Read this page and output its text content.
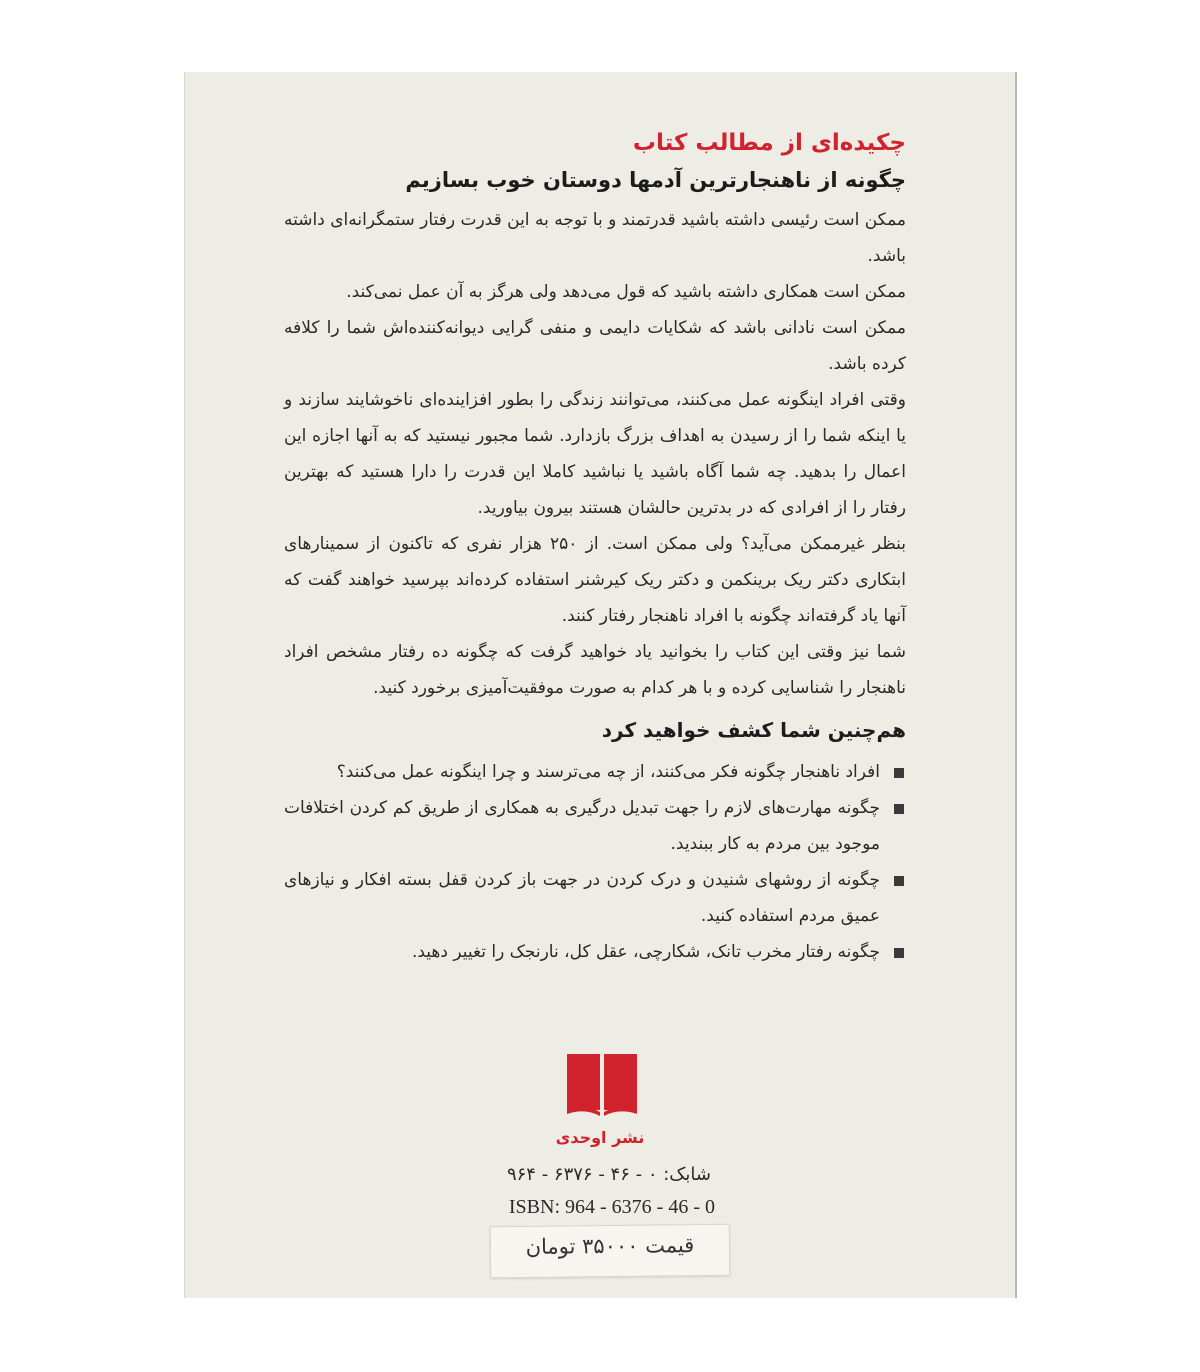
چکیده‌ای از مطالب کتاب
چگونه از ناهنجارترین آدمها دوستان خوب بسازیم

ممکن است رئیسی داشته باشید قدرتمند و با توجه به این قدرت رفتار ستمگرانه‌ای داشته باشد.

ممکن است همکاری داشته باشید که قول می‌دهد ولی هرگز به آن عمل نمی‌کند.

ممکن است نادانی باشد که شکایات دایمی و منفی گرایی دیوانه‌کننده‌اش شما را کلافه کرده باشد.

وقتی افراد اینگونه عمل می‌کنند، می‌توانند زندگی را بطور افزاینده‌ای ناخوشایند سازند و یا اینکه شما را از رسیدن به اهداف بزرگ بازدارد. شما مجبور نیستید که به آنها اجازه این اعمال را بدهید. چه شما آگاه باشید یا نباشید کاملا این قدرت را دارا هستید که بهترین رفتار را از افرادی که در بدترین حالشان هستند بیرون بیاورید.

بنظر غیرممکن می‌آید؟ ولی ممکن است. از ۲۵۰ هزار نفری که تاکنون از سمینارهای ابتکاری دکتر ریک برینکمن و دکتر ریک کیرشنر استفاده کرده‌اند بپرسید خواهند گفت که آنها یاد گرفته‌اند چگونه با افراد ناهنجار رفتار کنند.

شما نیز وقتی این کتاب را بخوانید یاد خواهید گرفت که چگونه ده رفتار مشخص افراد ناهنجار را شناسایی کرده و با هر کدام به صورت موفقیت‌آمیزی برخورد کنید.

هم‌چنین شما کشف خواهید کرد
افراد ناهنجار چگونه فکر می‌کنند، از چه می‌ترسند و چرا اینگونه عمل می‌کنند؟
چگونه مهارت‌های لازم را جهت تبدیل درگیری به همکاری از طریق کم کردن اختلافات موجود بین مردم به کار ببندید.
چگونه از روشهای شنیدن و درک کردن در جهت باز کردن قفل بسته افکار و نیازهای عمیق مردم استفاده کنید.
چگونه رفتار مخرب تانک، شکارچی، عقل کل، نارنجک را تغییر دهید.
نشر اوحدی
شابک: ۰ - ۴۶ - ۶۳۷۶ - ۹۶۴
ISBN: 964 - 6376 - 46 - 0
قیمت ۳۵۰۰۰ تومان
